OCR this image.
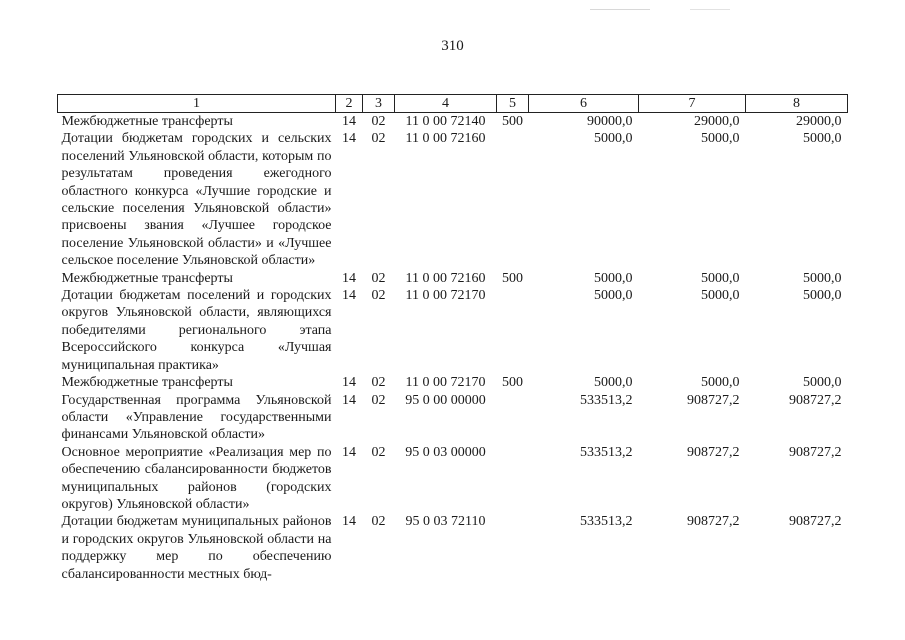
310
1	2	3	4	5	6	7	8
Межбюджетные трансферты	14	02	11 0 00 72140	500	90000,0	29000,0	29000,0
Дотации бюджетам городских и сельских поселений Ульяновской области, которым по результатам проведения ежегодного областного конкурса «Лучшие городские и сельские поселения Ульяновской области» присвоены звания «Лучшее городское поселение Ульяновской области» и «Лучшее сельское поселение Ульяновской области»	14	02	11 0 00 72160		5000,0	5000,0	5000,0
Межбюджетные трансферты	14	02	11 0 00 72160	500	5000,0	5000,0	5000,0
Дотации бюджетам поселений и городских округов Ульяновской области, являющихся победителями регионального этапа Всероссийского конкурса «Лучшая муниципальная практика»	14	02	11 0 00 72170		5000,0	5000,0	5000,0
Межбюджетные трансферты	14	02	11 0 00 72170	500	5000,0	5000,0	5000,0
Государственная программа Ульяновской области «Управление государственными финансами Ульяновской области»	14	02	95 0 00 00000		533513,2	908727,2	908727,2
Основное мероприятие «Реализация мер по обеспечению сбалансированности бюджетов муниципальных районов (городских округов) Ульяновской области»	14	02	95 0 03 00000		533513,2	908727,2	908727,2
Дотации бюджетам муниципальных районов и городских округов Ульяновской области на поддержку мер по обеспечению сбалансированности местных бюд-	14	02	95 0 03 72110		533513,2	908727,2	908727,2
